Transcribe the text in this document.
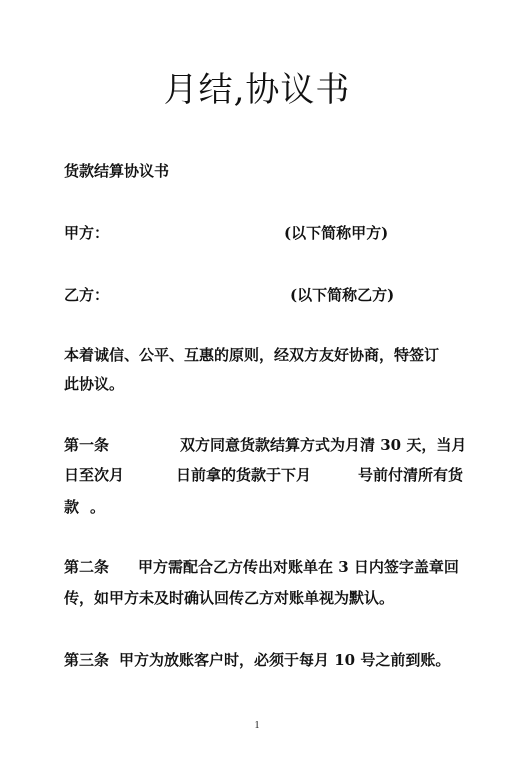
月结,协议书
货款结算协议书
甲方：	(以下简称甲方)
乙方：	(以下简称乙方)
本着诚信、公平、互惠的原则，经双方友好协商，特签订
此协议。
第一条	双方同意货款结算方式为月清 30 天，当月
日至次月	日前拿的货款于下月	号前付清所有货
款 。
第二条 甲方需配合乙方传出对账单在 3 日内签字盖章回
传，如甲方未及时确认回传乙方对账单视为默认。
第三条 甲方为放账客户时，必须于每月 10 号之前到账。
1
